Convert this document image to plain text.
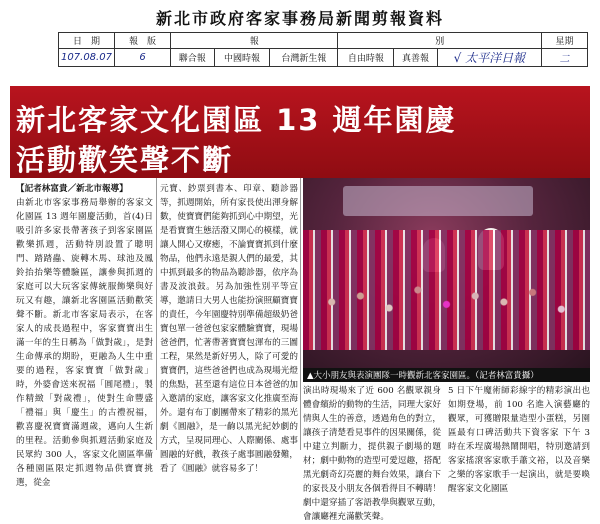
新北市政府客家事務局新聞剪報資料
日　期	報　版	報			別			星期
107.08.07	6	聯合報	中國時報	台灣新生報	自由時報	真善報	√ 太平洋日報	二
新北客家文化園區 13 週年園慶
活動歡笑聲不斷
▲大小朋友與表演團隊一時觀新北客家園區。（記者林富貴攝）

【記者林富貴／新北市報導】

由新北市客家事務局舉辦的客家文化園區 13 週年園慶活動，首(4)日吸引許多家長帶著孩子到客家園區歡樂抓週，活動特別設置了聰明門、踏踏蟲、旋轉木馬、球池及鳳鈴抬抬樂等體驗區，讓參與抓週的家庭可以大玩客家傳統服飾樂與好玩又有趣，讓新北客園區活動歡笑聲不斷。新北市客家局表示，在客家人的成長過程中，客家寶寶出生滿一年的生日稱為「做對歲」，是對生命傳承的期盼，更融為人生中重要的過程，客家寶寶「做對歲」時，外婆會送來祝福「圓尾禮」，製作精緻「對歲禮」，使對生命豐盛「禮福」與「慶生」的古禮祝福，歡喜慶祝寶寶滿週歲，邁向人生新的里程。活動參與抓週活動家庭及民眾約 300 人，客家文化園區準備各種園區限定抓週物品供寶寶挑選，從金

元寶、鈔票到書本、印章、聽診器等，抓週開始，所有家長使出渾身解數，使寶寶們能夠抓到心中期望，光是看寶寶生態活潑又開心的模樣，就讓人開心又療癒，不論寶寶抓到什麼物品，他們永遠是親人們的最愛，其中抓到最多的物品為聽診器，依序為書及波浪鼓。另為加強性別平等宣導，邀請日大男人也能扮演照顧寶寶的責任，今年園慶特別準備超級奶爸寶包單一爸爸包家家體驗寶寶，現場爸爸們，忙著帶著寶寶包渾布的三圖工程，果然是新好男人，除了可愛的寶寶們，這些爸爸們也成為現場光燈的焦點，甚至還有這位日本爸爸的加入邀請的家庭，讓客家文化推廣至海外。還有布丁劇團帶來了精彩的黑光劇《圓融》，是一齣以黑光紀妙劇的方式，呈現同理心、人際關係、處事圓融的好戲，教孩子處事圓融發難，看了《圓融》就容易多了！

演出時現場來了近 600 名觀眾親身體會繽紛的動物的生活，同理大家好情與人生的善意，透過角色的對立，讓孩子清楚看見事件的因果關係，從中建立判斷力，提供親子劇場的題材；劇中動物的造型可愛逗趣，搭配黑光劇奇幻亮麗的舞台效果，讓台下的家長及小朋友各個看得目不轉睛！劇中還穿插了客語教學與觀眾互動，會讓廳裡充滿歡笑聲。

5 日下午魔術師彩線宇的精彩演出也如期登場，前 100 名進入演藝廳的觀眾，可獲贈限量造型小蛋糕，另園區最有口碑活動共下資客家 下午 3 時在禾埕廣場熱鬧開唱，特別邀請到客家搖滾客家歌手蕭文裕，以及音樂之樂的客家歌手一起演出，就是要喚醒客家文化園區
